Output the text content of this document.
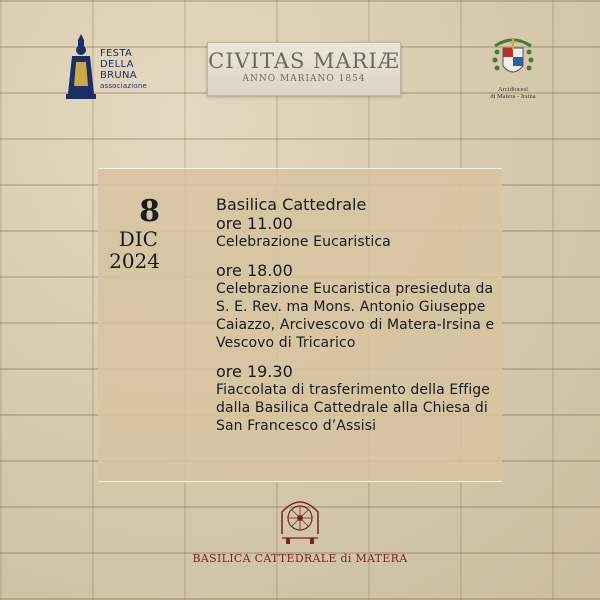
FESTA
DELLA
BRUNA
associazione
CIVITAS MARIÆ
ANNO MARIANO 1854
Arcidiocesi
di Matera - Irsina
8
DIC
2024
Basilica Cattedrale
ore 11.00
Celebrazione Eucaristica
ore 18.00
Celebrazione Eucaristica presieduta da S. E. Rev. ma Mons. Antonio Giuseppe Caiazzo, Arcivescovo di Matera-Irsina e Vescovo di Tricarico
ore 19.30
Fiaccolata di trasferimento della Effige dalla Basilica Cattedrale alla Chiesa di San Francesco d’Assisi
BASILICA CATTEDRALE di MATERA
